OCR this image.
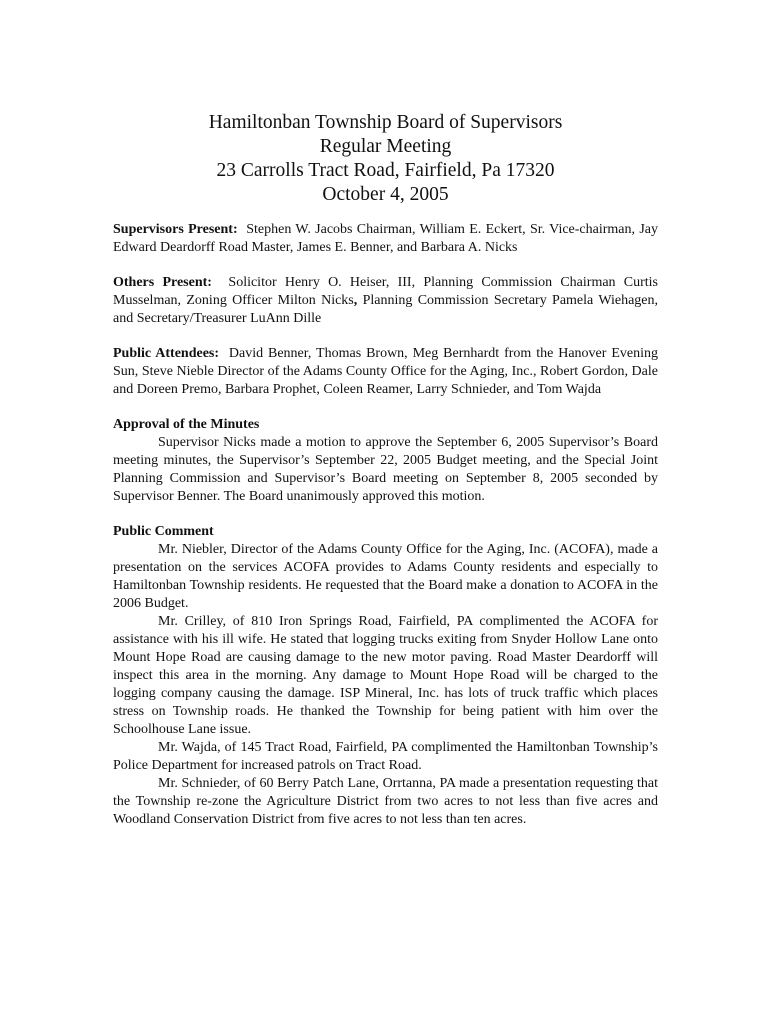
Hamiltonban Township Board of Supervisors
Regular Meeting
23 Carrolls Tract Road, Fairfield, Pa 17320
October 4, 2005

Supervisors Present: Stephen W. Jacobs Chairman, William E. Eckert, Sr. Vice-chairman, Jay Edward Deardorff Road Master, James E. Benner, and Barbara A. Nicks

Others Present: Solicitor Henry O. Heiser, III, Planning Commission Chairman Curtis Musselman, Zoning Officer Milton Nicks, Planning Commission Secretary Pamela Wiehagen, and Secretary/Treasurer LuAnn Dille

Public Attendees: David Benner, Thomas Brown, Meg Bernhardt from the Hanover Evening Sun, Steve Nieble Director of the Adams County Office for the Aging, Inc., Robert Gordon, Dale and Doreen Premo, Barbara Prophet, Coleen Reamer, Larry Schnieder, and Tom Wajda

Approval of the Minutes

Supervisor Nicks made a motion to approve the September 6, 2005 Supervisor’s Board meeting minutes, the Supervisor’s September 22, 2005 Budget meeting, and the Special Joint Planning Commission and Supervisor’s Board meeting on September 8, 2005 seconded by Supervisor Benner. The Board unanimously approved this motion.

Public Comment

Mr. Niebler, Director of the Adams County Office for the Aging, Inc. (ACOFA), made a presentation on the services ACOFA provides to Adams County residents and especially to Hamiltonban Township residents. He requested that the Board make a donation to ACOFA in the 2006 Budget.

Mr. Crilley, of 810 Iron Springs Road, Fairfield, PA complimented the ACOFA for assistance with his ill wife. He stated that logging trucks exiting from Snyder Hollow Lane onto Mount Hope Road are causing damage to the new motor paving. Road Master Deardorff will inspect this area in the morning. Any damage to Mount Hope Road will be charged to the logging company causing the damage. ISP Mineral, Inc. has lots of truck traffic which places stress on Township roads. He thanked the Township for being patient with him over the Schoolhouse Lane issue.

Mr. Wajda, of 145 Tract Road, Fairfield, PA complimented the Hamiltonban Township’s Police Department for increased patrols on Tract Road.

Mr. Schnieder, of 60 Berry Patch Lane, Orrtanna, PA made a presentation requesting that the Township re-zone the Agriculture District from two acres to not less than five acres and Woodland Conservation District from five acres to not less than ten acres.
